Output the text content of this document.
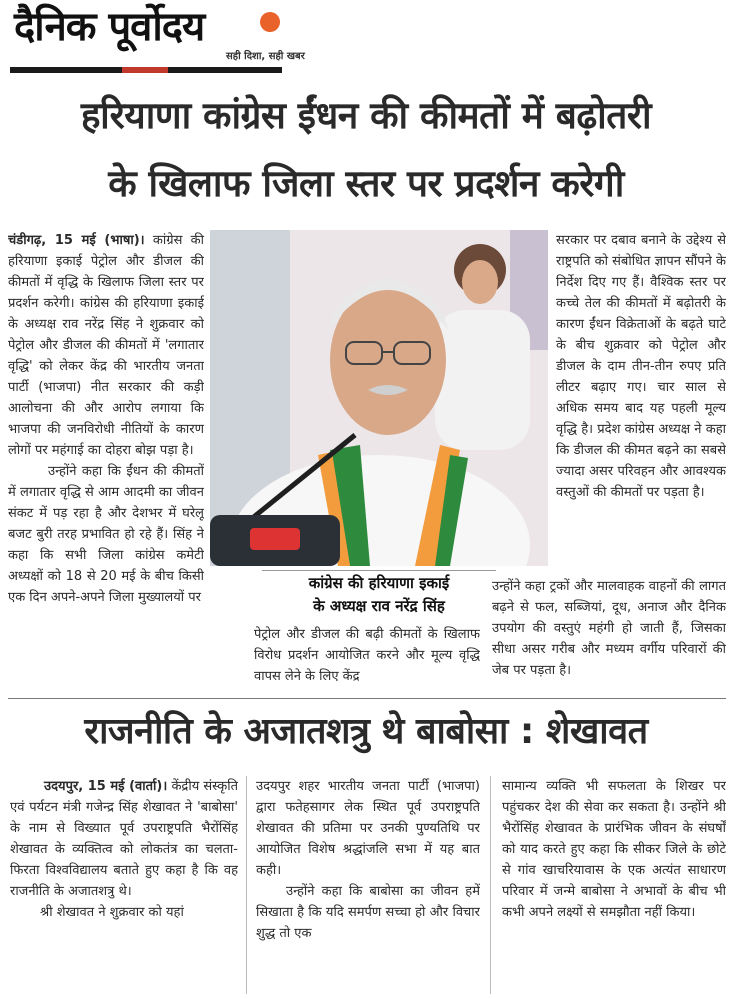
दैनिक पूर्वोदय
सही दिशा, सही खबर
हरियाणा कांग्रेस ईंधन की कीमतों में बढ़ोतरी
के खिलाफ जिला स्तर पर प्रदर्शन करेगी

चंडीगढ़, 15 मई (भाषा)। कांग्रेस की हरियाणा इकाई पेट्रोल और डीजल की कीमतों में वृद्धि के खिलाफ जिला स्तर पर प्रदर्शन करेगी। कांग्रेस की हरियाणा इकाई के अध्यक्ष राव नरेंद्र सिंह ने शुक्रवार को पेट्रोल और डीजल की कीमतों में 'लगातार वृद्धि' को लेकर केंद्र की भारतीय जनता पार्टी (भाजपा) नीत सरकार की कड़ी आलोचना की और आरोप लगाया कि भाजपा की जनविरोधी नीतियों के कारण लोगों पर महंगाई का दोहरा बोझ पड़ा है।

उन्होंने कहा कि ईंधन की कीमतों में लगातार वृद्धि से आम आदमी का जीवन संकट में पड़ रहा है और देशभर में घरेलू बजट बुरी तरह प्रभावित हो रहे हैं। सिंह ने कहा कि सभी जिला कांग्रेस कमेटी अध्यक्षों को 18 से 20 मई के बीच किसी एक दिन अपने-अपने जिला मुख्यालयों पर

कांग्रेस की हरियाणा इकाई
के अध्यक्ष राव नरेंद्र सिंह
पेट्रोल और डीजल की बढ़ी कीमतों के खिलाफ विरोध प्रदर्शन आयोजित करने और मूल्य वृद्धि वापस लेने के लिए केंद्र

सरकार पर दबाव बनाने के उद्देश्य से राष्ट्रपति को संबोधित ज्ञापन सौंपने के निर्देश दिए गए हैं। वैश्विक स्तर पर कच्चे तेल की कीमतों में बढ़ोतरी के कारण ईंधन विक्रेताओं के बढ़ते घाटे के बीच शुक्रवार को पेट्रोल और डीजल के दाम तीन-तीन रुपए प्रति लीटर बढ़ाए गए। चार साल से अधिक समय बाद यह पहली मूल्य वृद्धि है। प्रदेश कांग्रेस अध्यक्ष ने कहा कि डीजल की कीमत बढ़ने का सबसे ज्यादा असर परिवहन और आवश्यक वस्तुओं की कीमतों पर पड़ता है।

उन्होंने कहा ट्रकों और मालवाहक वाहनों की लागत बढ़ने से फल, सब्जियां, दूध, अनाज और दैनिक उपयोग की वस्तुएं महंगी हो जाती हैं, जिसका सीधा असर गरीब और मध्यम वर्गीय परिवारों की जेब पर पड़ता है।
राजनीति के अजातशत्रु थे बाबोसा : शेखावत

उदयपुर, 15 मई (वार्ता)। केंद्रीय संस्कृति एवं पर्यटन मंत्री गजेन्द्र सिंह शेखावत ने 'बाबोसा' के नाम से विख्यात पूर्व उपराष्ट्रपति भैरोंसिंह शेखावत के व्यक्तित्व को लोकतंत्र का चलता-फिरता विश्वविद्यालय बताते हुए कहा है कि वह राजनीति के अजातशत्रु थे।

श्री शेखावत ने शुक्रवार को यहां

उदयपुर शहर भारतीय जनता पार्टी (भाजपा) द्वारा फतेहसागर लेक स्थित पूर्व उपराष्ट्रपति शेखावत की प्रतिमा पर उनकी पुण्यतिथि पर आयोजित विशेष श्रद्धांजलि सभा में यह बात कही।

उन्होंने कहा कि बाबोसा का जीवन हमें सिखाता है कि यदि समर्पण सच्चा हो और विचार शुद्ध तो एक

सामान्य व्यक्ति भी सफलता के शिखर पर पहुंचकर देश की सेवा कर सकता है। उन्होंने श्री भैरोंसिंह शेखावत के प्रारंभिक जीवन के संघर्षों को याद करते हुए कहा कि सीकर जिले के छोटे से गांव खाचरियावास के एक अत्यंत साधारण परिवार में जन्मे बाबोसा ने अभावों के बीच भी कभी अपने लक्ष्यों से समझौता नहीं किया।
